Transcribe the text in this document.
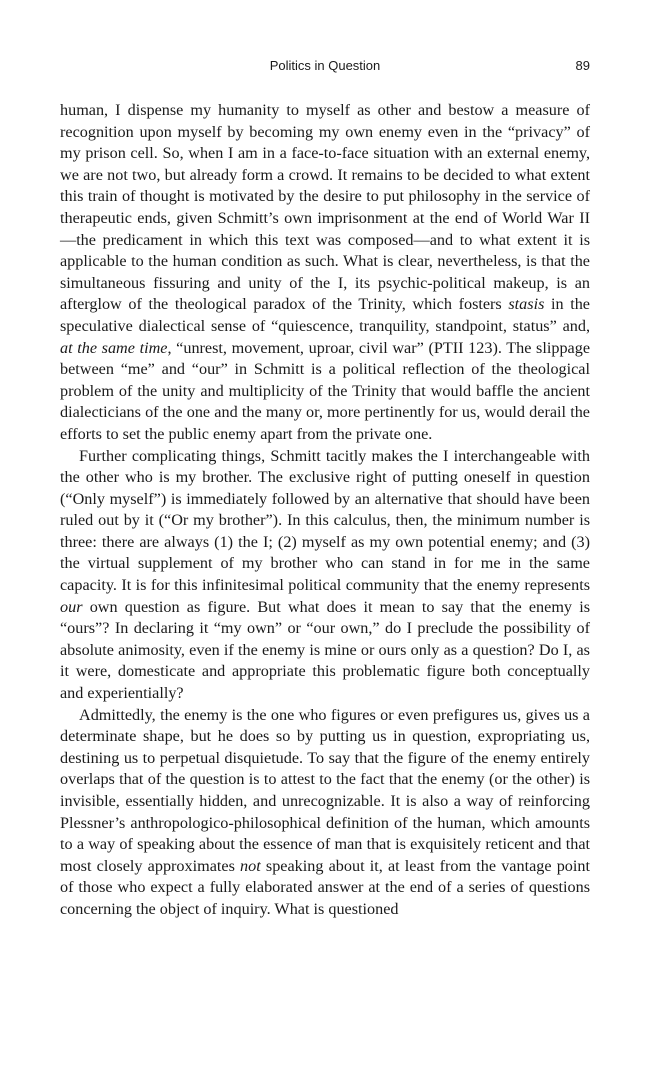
Politics in Question	89

human, I dispense my humanity to myself as other and bestow a measure of recognition upon myself by becoming my own enemy even in the “privacy” of my prison cell. So, when I am in a face-to-face situation with an external enemy, we are not two, but already form a crowd. It remains to be decided to what extent this train of thought is motivated by the desire to put philosophy in the service of therapeutic ends, given Schmitt’s own imprisonment at the end of World War II—the predicament in which this text was composed—and to what extent it is applicable to the human condition as such. What is clear, nevertheless, is that the simultaneous fissuring and unity of the I, its psychic-political makeup, is an afterglow of the theological paradox of the Trinity, which fosters stasis in the speculative dialectical sense of “quiescence, tranquility, standpoint, status” and, at the same time, “unrest, movement, uproar, civil war” (PTII 123). The slippage between “me” and “our” in Schmitt is a political reflection of the theological problem of the unity and multiplicity of the Trinity that would baffle the ancient dialecticians of the one and the many or, more pertinently for us, would derail the efforts to set the public enemy apart from the private one.

Further complicating things, Schmitt tacitly makes the I interchangeable with the other who is my brother. The exclusive right of putting oneself in question (“Only myself”) is immediately followed by an alternative that should have been ruled out by it (“Or my brother”). In this calculus, then, the minimum number is three: there are always (1) the I; (2) myself as my own potential enemy; and (3) the virtual supplement of my brother who can stand in for me in the same capacity. It is for this infinitesimal political community that the enemy represents our own question as figure. But what does it mean to say that the enemy is “ours”? In declaring it “my own” or “our own,” do I preclude the possibility of absolute animosity, even if the enemy is mine or ours only as a question? Do I, as it were, domesticate and appropriate this problematic figure both conceptually and experientially?

Admittedly, the enemy is the one who figures or even prefigures us, gives us a determinate shape, but he does so by putting us in question, expropriating us, destining us to perpetual disquietude. To say that the figure of the enemy entirely overlaps that of the question is to attest to the fact that the enemy (or the other) is invisible, essentially hidden, and unrecognizable. It is also a way of reinforcing Plessner’s anthropologico-philosophical definition of the human, which amounts to a way of speaking about the essence of man that is exquisitely reticent and that most closely approximates not speaking about it, at least from the vantage point of those who expect a fully elaborated answer at the end of a series of questions concerning the object of inquiry. What is questioned
